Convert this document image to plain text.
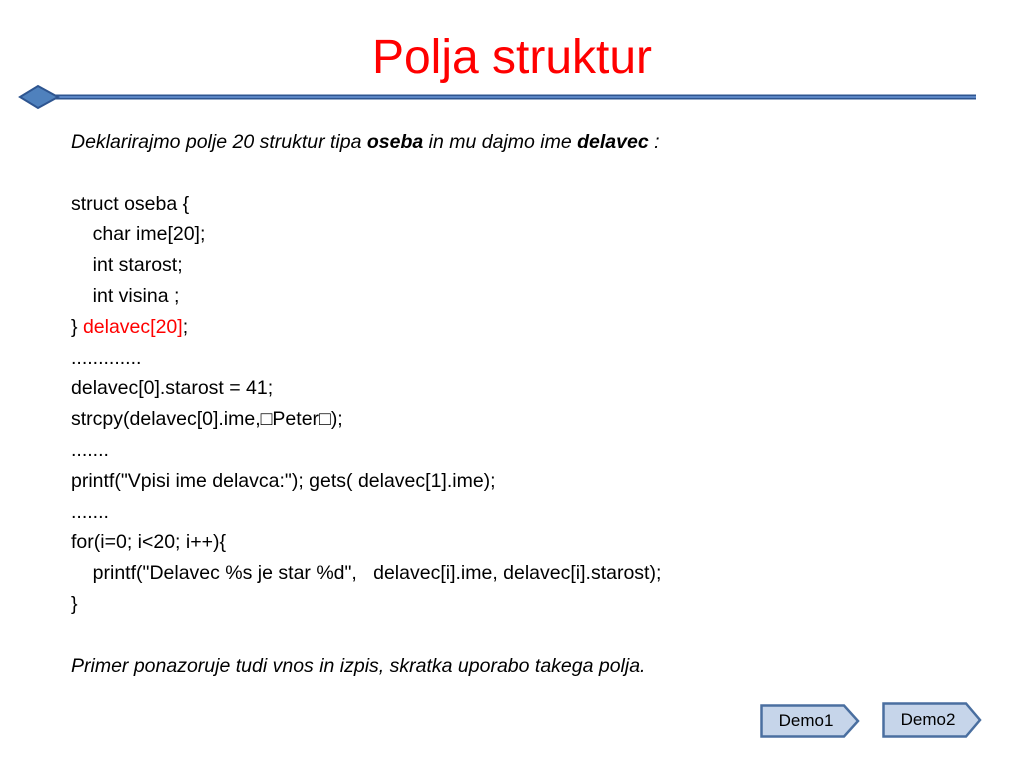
Polja struktur
Deklarirajmo polje 20 struktur tipa oseba in mu dajmo ime delavec :
struct oseba {
char ime[20];
int starost;
int visina ;
} delavec[20];
.............
delavec[0].starost = 41;
strcpy(delavec[0].ime,□Peter□);
.......
printf("Vpisi ime delavca:"); gets( delavec[1].ime);
.......
for(i=0; i<20; i++){
printf("Delavec %s je star %d",   delavec[i].ime, delavec[i].starost);
}
Primer ponazoruje tudi vnos in izpis, skratka uporabo takega polja.
Demo1	Demo2
